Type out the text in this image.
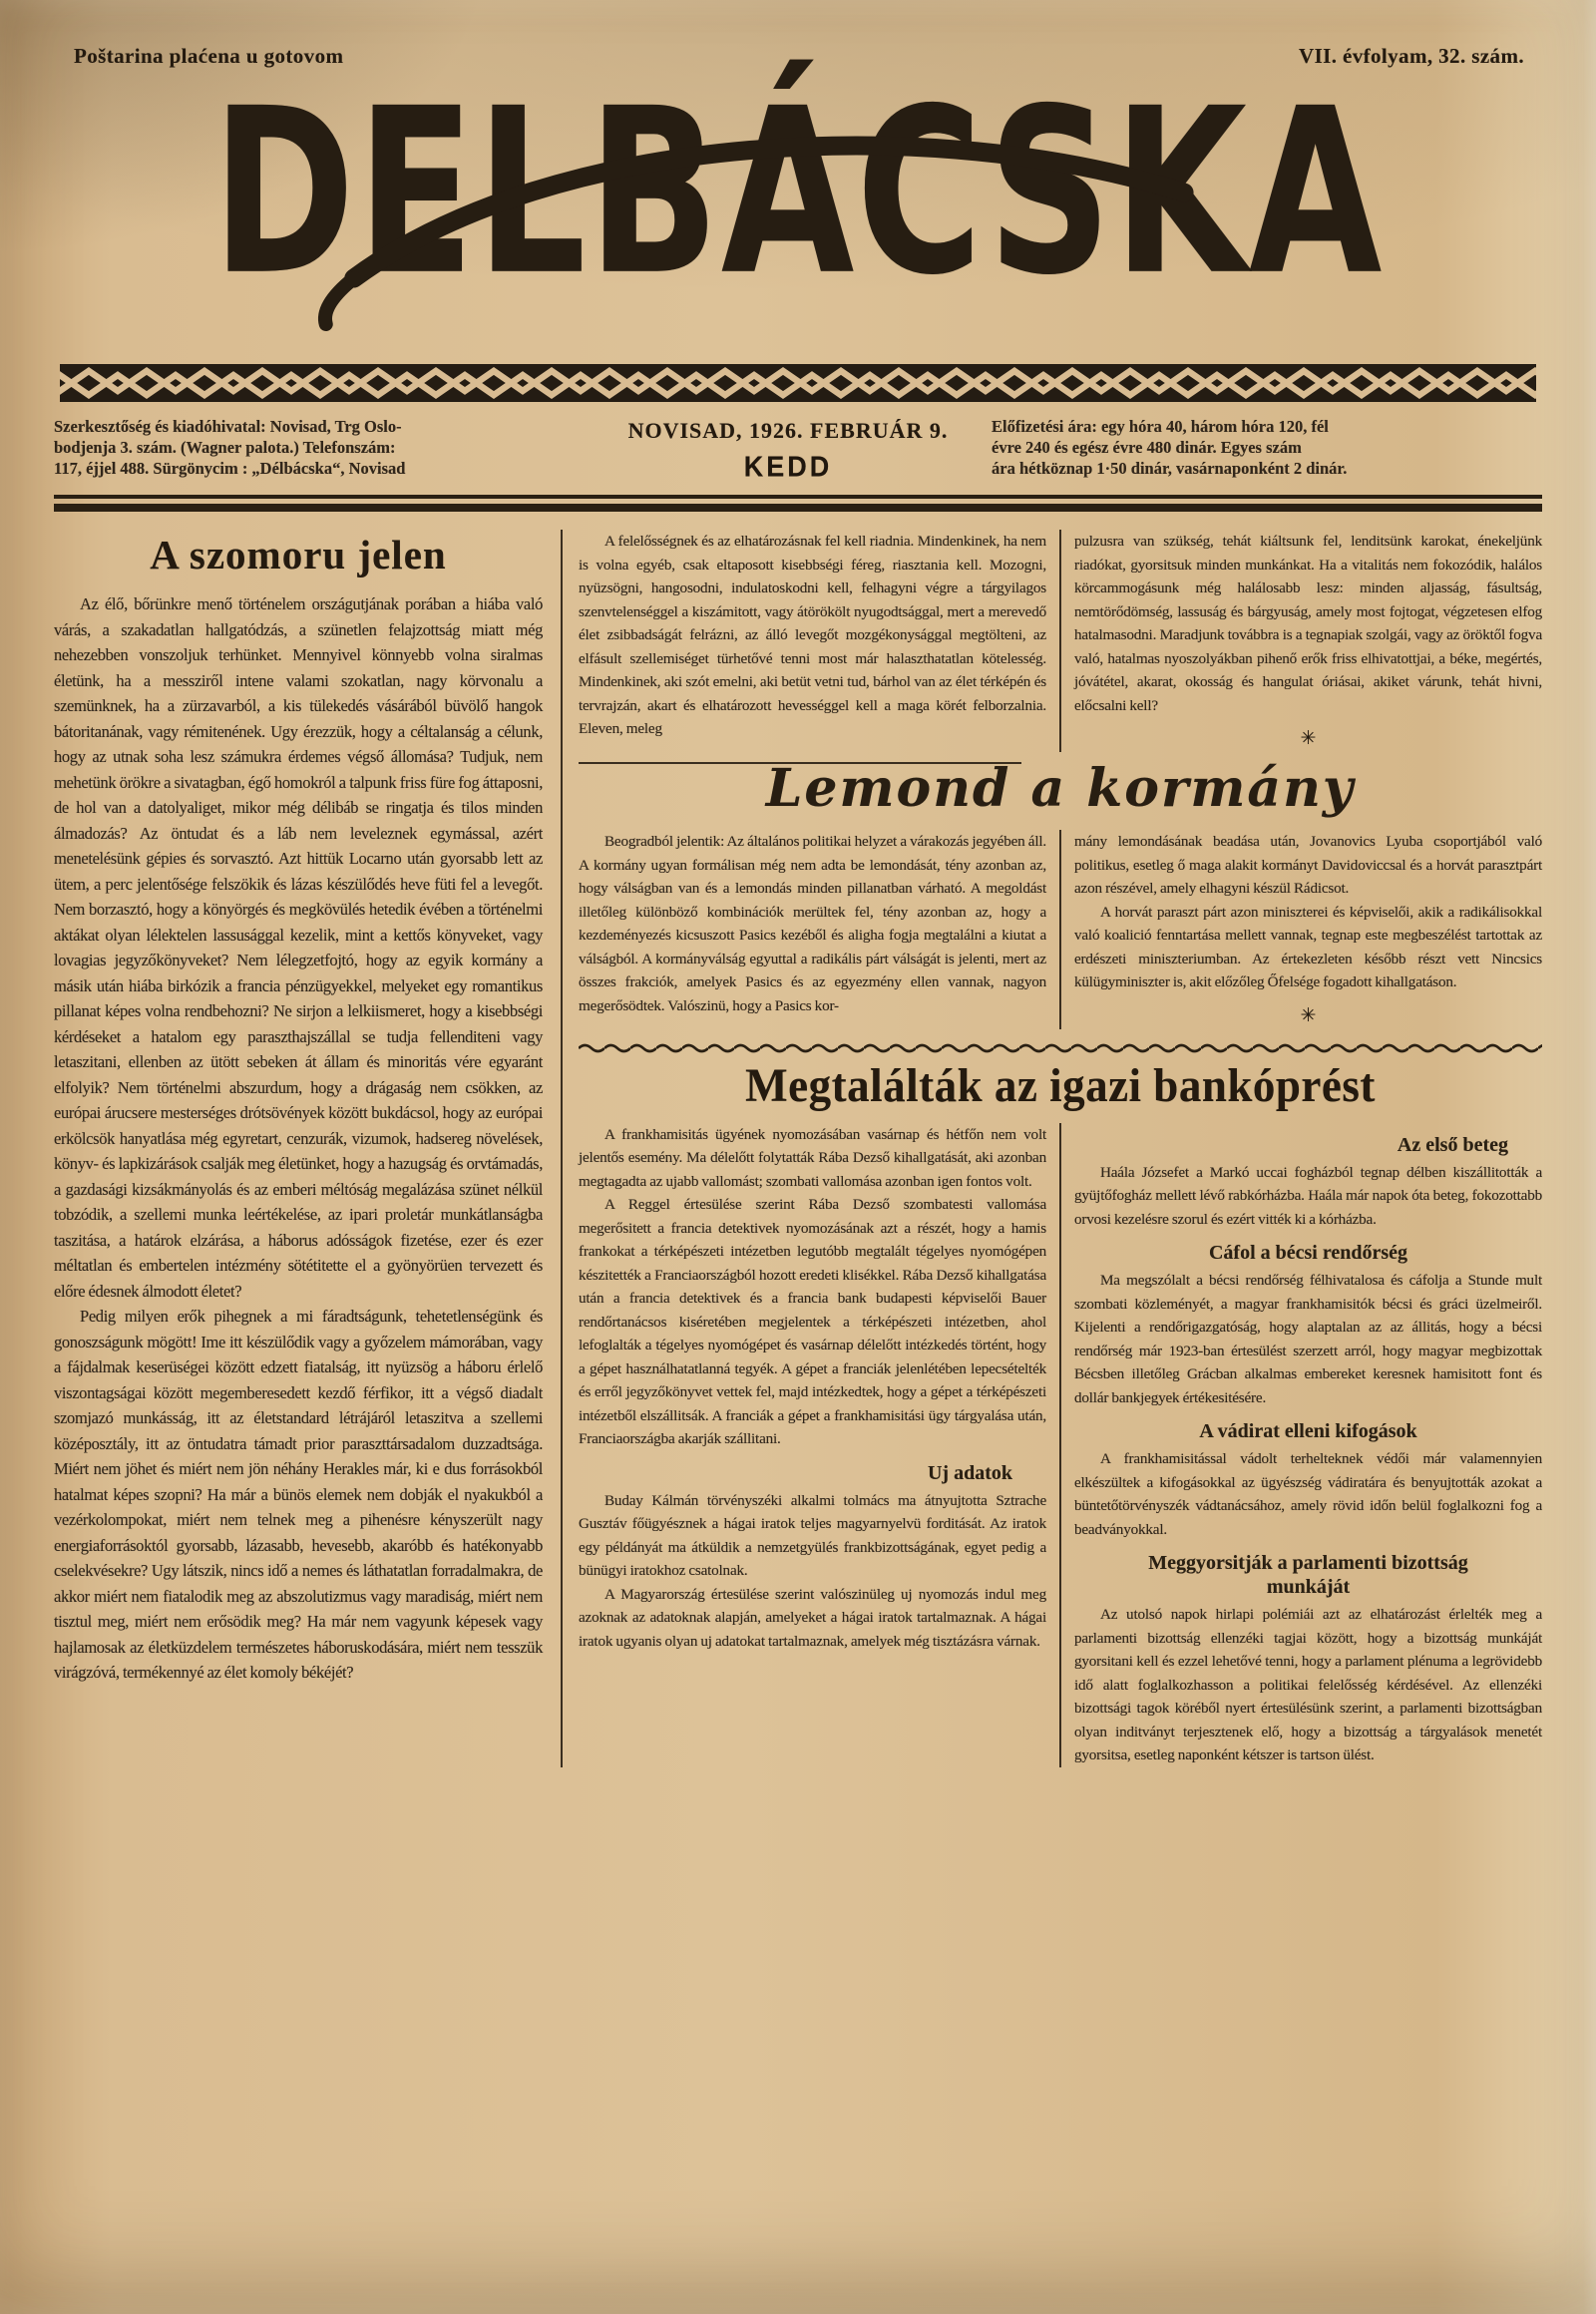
Poštarina plaćena u gotovom	VII. évfolyam, 32. szám.
DELBÁCSKA
Szerkesztőség és kiadóhivatal: Novisad, Trg Oslo-
bodjenja 3. szám. (Wagner palota.) Telefonszám:
117, éjjel 488. Sürgönycim : „Délbácska“, Novisad
NOVISAD, 1926. FEBRUÁR 9.
KEDD
Előfizetési ára: egy hóra 40, három hóra 120, fél
évre 240 és egész évre 480 dinár. Egyes szám
ára hétköznap 1·50 dinár, vasárnaponként 2 dinár.
A szomoru jelen

Az élő, bőrünkre menő történelem országutjának porában a hiába való várás, a szakadatlan hallgatódzás, a szünetlen felajzottság miatt még nehezebben vonszoljuk terhünket. Mennyivel könnyebb volna siralmas életünk, ha a messziről intene valami szokatlan, nagy körvonalu a szemünknek, ha a zürzavarból, a kis tülekedés vásárából büvölő hangok bátoritanának, vagy rémitenének. Ugy érezzük, hogy a céltalanság a célunk, hogy az utnak soha lesz számukra érdemes végső állomása? Tudjuk, nem mehetünk örökre a sivatagban, égő homokról a talpunk friss füre fog áttaposni, de hol van a datolyaliget, mikor még délibáb se ringatja és tilos minden álmadozás? Az öntudat és a láb nem leveleznek egymással, azért menetelésünk gépies és sorvasztó. Azt hittük Locarno után gyorsabb lett az ütem, a perc jelentősége felszökik és lázas készülődés heve füti fel a levegőt. Nem borzasztó, hogy a könyörgés és megkövülés hetedik évében a történelmi aktákat olyan lélektelen lassusággal kezelik, mint a kettős könyveket, vagy lovagias jegyzőkönyveket? Nem lélegzetfojtó, hogy az egyik kormány a másik után hiába birkózik a francia pénzügyekkel, melyeket egy romantikus pillanat képes volna rendbehozni? Ne sirjon a lelkiismeret, hogy a kisebbségi kérdéseket a hatalom egy paraszthajszállal se tudja fellenditeni vagy letaszitani, ellenben az ütött sebeken át állam és minoritás vére egyaránt elfolyik? Nem történelmi abszurdum, hogy a drágaság nem csökken, az európai árucsere mesterséges drótsövények között bukdácsol, hogy az európai erkölcsök hanyatlása még egyretart, cenzurák, vizumok, hadsereg növelések, könyv- és lapkizárások csalják meg életünket, hogy a hazugság és orvtámadás, a gazdasági kizsákmányolás és az emberi méltóság megalázása szünet nélkül tobzódik, a szellemi munka leértékelése, az ipari proletár munkátlanságba taszitása, a határok elzárása, a háborus adósságok fizetése, ezer és ezer méltatlan és embertelen intézmény sötétitette el a gyönyörüen tervezett és előre édesnek álmodott életet?

Pedig milyen erők pihegnek a mi fáradtságunk, tehetetlenségünk és gonoszságunk mögött! Ime itt készülődik vagy a győzelem mámorában, vagy a fájdalmak keserüségei között edzett fiatalság, itt nyüzsög a háboru érlelő viszontagságai között megemberesedett kezdő férfikor, itt a végső diadalt szomjazó munkásság, itt az életstandard létrájáról letaszitva a szellemi középosztály, itt az öntudatra támadt prior paraszttársadalom duzzadtsága. Miért nem jöhet és miért nem jön néhány Herakles már, ki e dus forrásokból hatalmat képes szopni? Ha már a bünös elemek nem dobják el nyakukból a vezérkolompokat, miért nem telnek meg a pihenésre kényszerült nagy energiaforrásoktól gyorsabb, lázasabb, hevesebb, akaróbb és hatékonyabb cselekvésekre? Ugy látszik, nincs idő a nemes és láthatatlan forradalmakra, de akkor miért nem fiatalodik meg az abszolutizmus vagy maradiság, miért nem tisztul meg, miért nem erősödik meg? Ha már nem vagyunk képesek vagy hajlamosak az életküzdelem természetes háboruskodására, miért nem tesszük virágzóvá, termékennyé az élet komoly békéjét?

A felelősségnek és az elhatározásnak fel kell riadnia. Mindenkinek, ha nem is volna egyéb, csak eltaposott kisebbségi féreg, riasztania kell. Mozogni, nyüzsögni, hangosodni, indulatoskodni kell, felhagyni végre a tárgyilagos szenvtelenséggel a kiszámitott, vagy átörökölt nyugodtsággal, mert a merevedő élet zsibbadságát felrázni, az álló levegőt mozgékonysággal megtölteni, az elfásult szellemiséget türhetővé tenni most már halaszthatatlan kötelesség. Mindenkinek, aki szót emelni, aki betüt vetni tud, bárhol van az élet térképén és tervrajzán, akart és elhatározott hevességgel kell a maga körét felborzalnia. Eleven, meleg

pulzusra van szükség, tehát kiáltsunk fel, lenditsünk karokat, énekeljünk riadókat, gyorsitsuk minden munkánkat. Ha a vitalitás nem fokozódik, halálos körcammogásunk még halálosabb lesz: minden aljasság, fásultság, nemtörődömség, lassuság és bárgyuság, amely most fojtogat, végzetesen elfog hatalmasodni. Maradjunk továbbra is a tegnapiak szolgái, vagy az öröktől fogva való, hatalmas nyoszolyákban pihenő erők friss elhivatottjai, a béke, megértés, jóvátétel, akarat, okosság és hangulat óriásai, akiket várunk, tehát hivni, előcsalni kell?

✳
Lemond a kormány

Beogradból jelentik: Az általános politikai helyzet a várakozás jegyében áll. A kormány ugyan formálisan még nem adta be lemondását, tény azonban az, hogy válságban van és a lemondás minden pillanatban várható. A megoldást illetőleg különböző kombinációk merültek fel, tény azonban az, hogy a kezdeményezés kicsuszott Pasics kezéből és aligha fogja megtalálni a kiutat a válságból. A kormányválság egyuttal a radikális párt válságát is jelenti, mert az összes frakciók, amelyek Pasics és az egyezmény ellen vannak, nagyon megerősödtek. Valószinü, hogy a Pasics kor-

mány lemondásának beadása után, Jovanovics Lyuba csoportjából való politikus, esetleg ő maga alakit kormányt Davidoviccsal és a horvát parasztpárt azon részével, amely elhagyni készül Rádicsot.

A horvát paraszt párt azon miniszterei és képviselői, akik a radikálisokkal való koalició fenntartása mellett vannak, tegnap este megbeszélést tartottak az erdészeti miniszteriumban. Az értekezleten később részt vett Nincsics külügyminiszter is, akit előzőleg Őfelsége fogadott kihallgatáson.

✳
Megtalálták az igazi bankóprést

A frankhamisitás ügyének nyomozásában vasárnap és hétfőn nem volt jelentős esemény. Ma délelőtt folytatták Rába Dezső kihallgatását, aki azonban megtagadta az ujabb vallomást; szombati vallomása azonban igen fontos volt.

A Reggel értesülése szerint Rába Dezső szombatesti vallomása megerősitett a francia detektivek nyomozásának azt a részét, hogy a hamis frankokat a térképészeti intézetben legutóbb megtalált tégelyes nyomógépen készitették a Franciaországból hozott eredeti klisékkel. Rába Dezső kihallgatása után a francia detektivek és a francia bank budapesti képviselői Bauer rendőrtanácsos kiséretében megjelentek a térképészeti intézetben, ahol lefoglalták a tégelyes nyomógépet és vasárnap délelőtt intézkedés történt, hogy a gépet használhatatlanná tegyék. A gépet a franciák jelenlétében lepecsételték és erről jegyzőkönyvet vettek fel, majd intézkedtek, hogy a gépet a térképészeti intézetből elszállitsák. A franciák a gépet a frankhamisitási ügy tárgyalása után, Franciaországba akarják szállitani.

Uj adatok

Buday Kálmán törvényszéki alkalmi tolmács ma átnyujtotta Sztrache Gusztáv főügyésznek a hágai iratok teljes magyarnyelvü forditását. Az iratok egy példányát ma átküldik a nemzetgyülés frankbizottságának, egyet pedig a bünügyi iratokhoz csatolnak.

A Magyarország értesülése szerint valószinüleg uj nyomozás indul meg azoknak az adatoknak alapján, amelyeket a hágai iratok tartalmaznak. A hágai iratok ugyanis olyan uj adatokat tartalmaznak, amelyek még tisztázásra várnak.

Az első beteg

Haála Józsefet a Markó uccai fogházból tegnap délben kiszállitották a gyüjtőfogház mellett lévő rabkórházba. Haála már napok óta beteg, fokozottabb orvosi kezelésre szorul és ezért vitték ki a kórházba.

Cáfol a bécsi rendőrség

Ma megszólalt a bécsi rendőrség félhivatalosa és cáfolja a Stunde mult szombati közleményét, a magyar frankhamisitók bécsi és gráci üzelmeiről. Kijelenti a rendőrigazgatóság, hogy alaptalan az az állitás, hogy a bécsi rendőrség már 1923-ban értesülést szerzett arról, hogy magyar megbizottak Bécsben illetőleg Grácban alkalmas embereket keresnek hamisitott font és dollár bankjegyek értékesitésére.

A vádirat elleni kifogások

A frankhamisitással vádolt terhelteknek védői már valamennyien elkészültek a kifogásokkal az ügyészség vádiratára és benyujtották azokat a büntetőtörvényszék vádtanácsához, amely rövid időn belül foglalkozni fog a beadványokkal.

Meggyorsitják a parlamenti bizottság munkáját

Az utolsó napok hirlapi polémiái azt az elhatározást érlelték meg a parlamenti bizottság ellenzéki tagjai között, hogy a bizottság munkáját gyorsitani kell és ezzel lehetővé tenni, hogy a parlament plénuma a legrövidebb idő alatt foglalkozhasson a politikai felelősség kérdésével. Az ellenzéki bizottsági tagok köréből nyert értesülésünk szerint, a parlamenti bizottságban olyan inditványt terjesztenek elő, hogy a bizottság a tárgyalások menetét gyorsitsa, esetleg naponként kétszer is tartson ülést.
